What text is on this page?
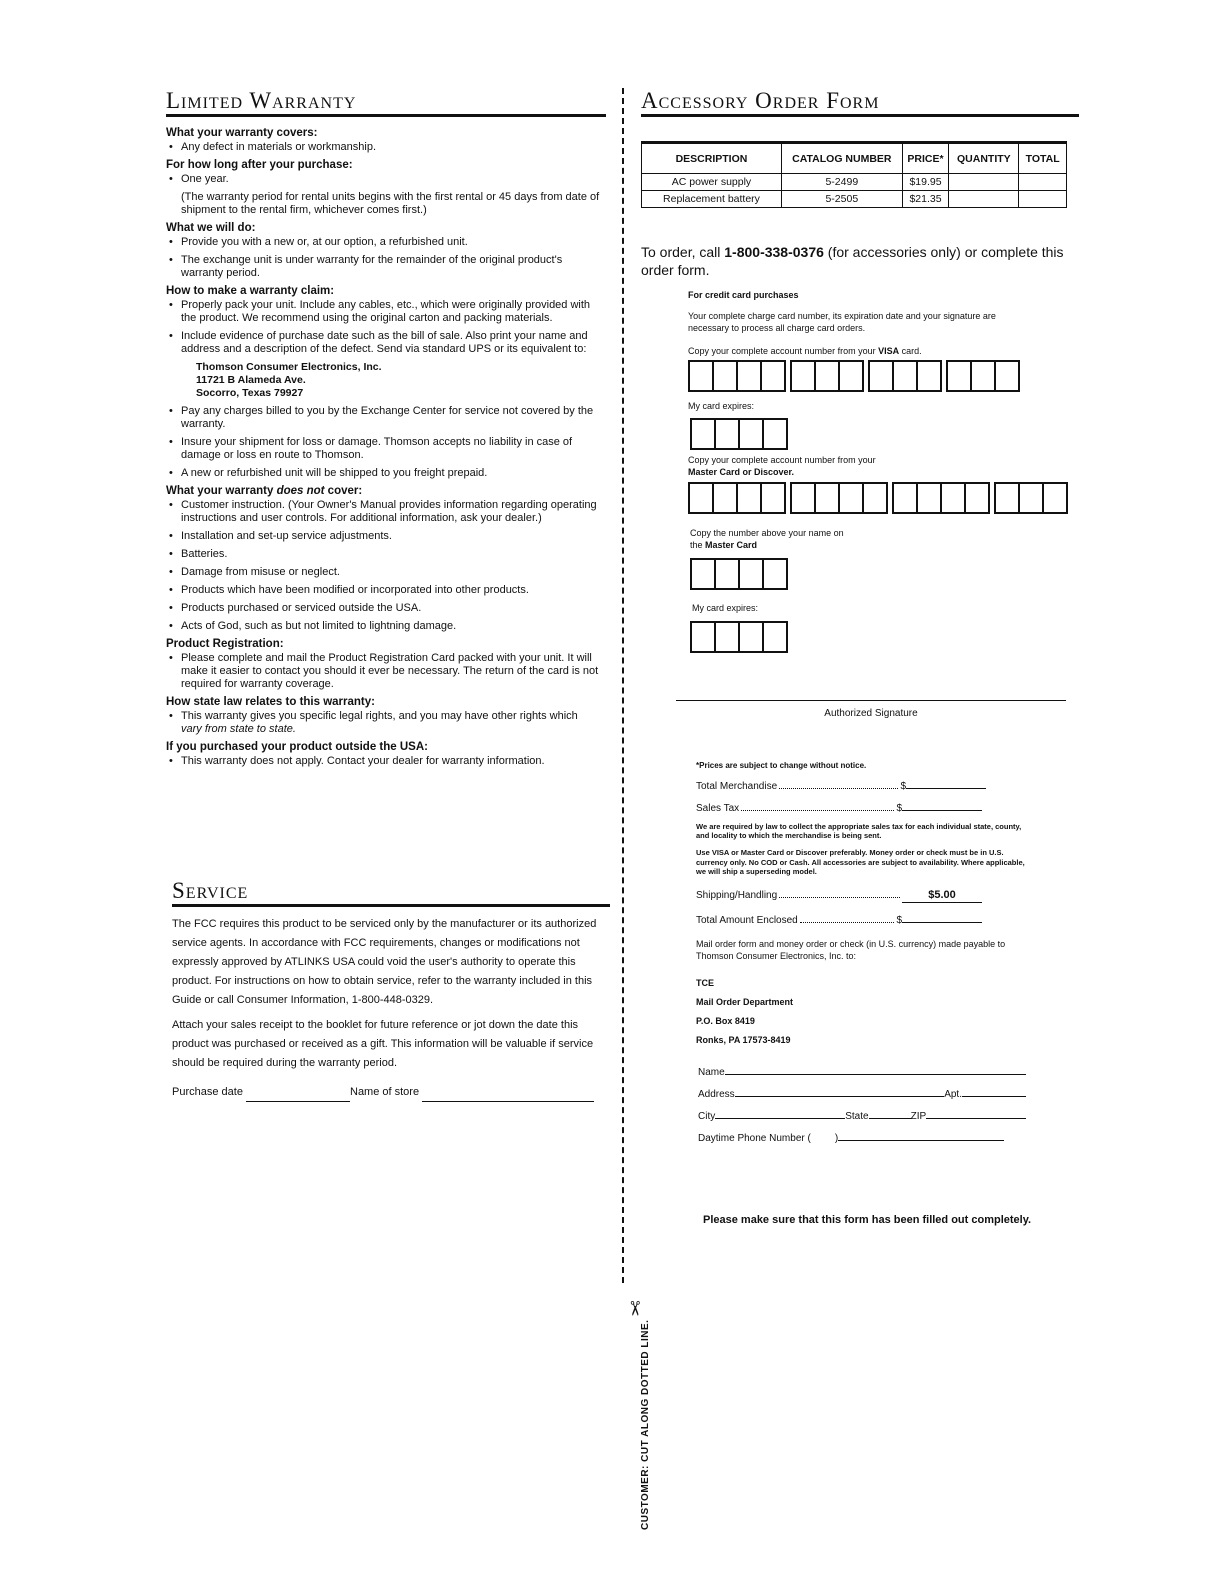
Limited Warranty
What your warranty covers:
• Any defect in materials or workmanship.
For how long after your purchase:
• One year.
(The warranty period for rental units begins with the first rental or 45 days from date of shipment to the rental firm, whichever comes first.)
What we will do:
• Provide you with a new or, at our option, a refurbished unit.
• The exchange unit is under warranty for the remainder of the original product's warranty period.
How to make a warranty claim:
• Properly pack your unit. Include any cables, etc., which were originally provided with the product. We recommend using the original carton and packing materials.
• Include evidence of purchase date such as the bill of sale. Also print your name and address and a description of the defect. Send via standard UPS or its equivalent to:
Thomson Consumer Electronics, Inc.
11721 B Alameda Ave.
Socorro, Texas 79927
• Pay any charges billed to you by the Exchange Center for service not covered by the warranty.
• Insure your shipment for loss or damage. Thomson accepts no liability in case of damage or loss en route to Thomson.
• A new or refurbished unit will be shipped to you freight prepaid.
What your warranty does not cover:
• Customer instruction. (Your Owner's Manual provides information regarding operating instructions and user controls. For additional information, ask your dealer.)
• Installation and set-up service adjustments.
• Batteries.
• Damage from misuse or neglect.
• Products which have been modified or incorporated into other products.
• Products purchased or serviced outside the USA.
• Acts of God, such as but not limited to lightning damage.
Product Registration:
• Please complete and mail the Product Registration Card packed with your unit. It will make it easier to contact you should it ever be necessary. The return of the card is not required for warranty coverage.
How state law relates to this warranty:
• This warranty gives you specific legal rights, and you may have other rights which
vary from state to state.
If you purchased your product outside the USA:
• This warranty does not apply. Contact your dealer for warranty information.
Service

The FCC requires this product to be serviced only by the manufacturer or its authorized service agents. In accordance with FCC requirements, changes or modifications not expressly approved by ATLINKS USA could void the user's authority to operate this product. For instructions on how to obtain service, refer to the warranty included in this Guide or call Consumer Information, 1-800-448-0329.

Attach your sales receipt to the booklet for future reference or jot down the date this product was purchased or received as a gift. This information will be valuable if service should be required during the warranty period.

Purchase date	Name of store
✂
CUSTOMER: CUT ALONG DOTTED LINE.
Accessory Order Form
DESCRIPTION	CATALOG NUMBER	PRICE*	QUANTITY	TOTAL
AC power supply	5-2499	$19.95		
Replacement battery	5-2505	$21.35		
To order, call 1-800-338-0376 (for accessories only) or complete this order form.
For credit card purchases
Your complete charge card number, its expiration date and your signature are necessary to process all charge card orders.
Copy your complete account number from your VISA card.
My card expires:
Copy your complete account number from your
Master Card or Discover.
Copy the number above your name on
the Master Card
My card expires:
Authorized Signature
*Prices are subject to change without notice.
Total Merchandise	$
Sales Tax	$
We are required by law to collect the appropriate sales tax for each individual state, county, and locality to which the merchandise is being sent.
Use VISA or Master Card or Discover preferably. Money order or check must be in U.S. currency only. No COD or Cash. All accessories are subject to availability. Where applicable, we will ship a superseding model.
Shipping/Handling	$5.00
Total Amount Enclosed	$
Mail order form and money order or check (in U.S. currency) made payable to Thomson Consumer Electronics, Inc. to:
TCE
Mail Order Department
P.O. Box 8419
Ronks, PA 17573-8419
Name
Address	Apt.
City	State	ZIP
Daytime Phone Number ( )
Please make sure that this form has been filled out completely.
